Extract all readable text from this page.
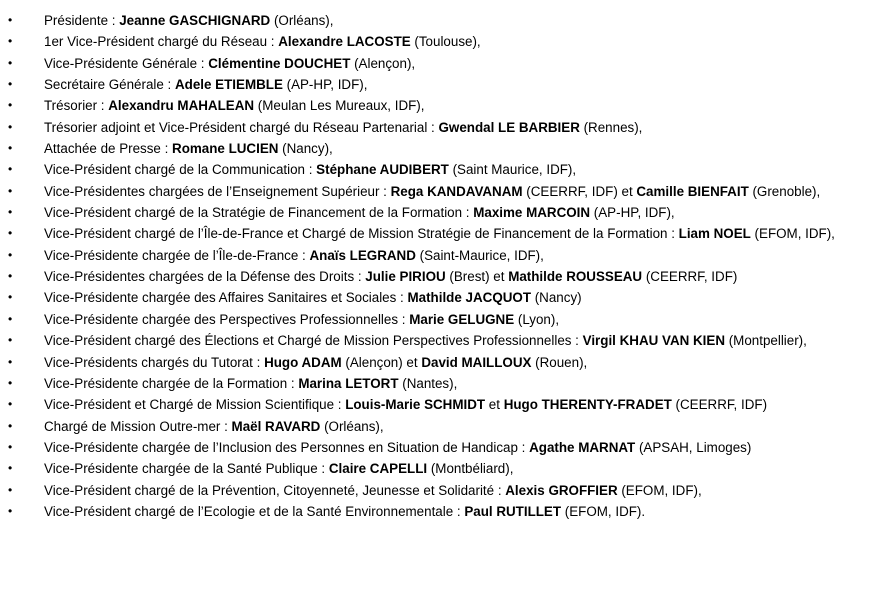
•	Présidente : Jeanne GASCHIGNARD (Orléans),
•	1er Vice-Président chargé du Réseau : Alexandre LACOSTE (Toulouse),
•	Vice-Présidente Générale : Clémentine DOUCHET (Alençon),
•	Secrétaire Générale : Adele ETIEMBLE (AP-HP, IDF),
•	Trésorier : Alexandru MAHALEAN (Meulan Les Mureaux, IDF),
•	Trésorier adjoint et Vice-Président chargé du Réseau Partenarial : Gwendal LE BARBIER (Rennes),
•	Attachée de Presse : Romane LUCIEN (Nancy),
•	Vice-Président chargé de la Communication : Stéphane AUDIBERT (Saint Maurice, IDF),
•	Vice-Présidentes chargées de l’Enseignement Supérieur : Rega KANDAVANAM (CEERRF, IDF) et Camille BIENFAIT (Grenoble),
•	Vice-Président chargé de la Stratégie de Financement de la Formation : Maxime MARCOIN (AP-HP, IDF),
•	Vice-Président chargé de l’Île-de-France et Chargé de Mission Stratégie de Financement de la Formation : Liam NOEL (EFOM, IDF),
•	Vice-Présidente chargée de l’Île-de-France : Anaïs LEGRAND (Saint-Maurice, IDF),
•	Vice-Présidentes chargées de la Défense des Droits : Julie PIRIOU (Brest) et Mathilde ROUSSEAU (CEERRF, IDF)
•	Vice-Présidente chargée des Affaires Sanitaires et Sociales : Mathilde JACQUOT (Nancy)
•	Vice-Présidente chargée des Perspectives Professionnelles : Marie GELUGNE (Lyon),
•	Vice-Président chargé des Élections et Chargé de Mission Perspectives Professionnelles : Virgil KHAU VAN KIEN (Montpellier),
•	Vice-Présidents chargés du Tutorat : Hugo ADAM (Alençon) et David MAILLOUX (Rouen),
•	Vice-Présidente chargée de la Formation : Marina LETORT (Nantes),
•	Vice-Président et Chargé de Mission Scientifique : Louis-Marie SCHMIDT et Hugo THERENTY-FRADET (CEERRF, IDF)
•	Chargé de Mission Outre-mer : Maël RAVARD (Orléans),
•	Vice-Présidente chargée de l’Inclusion des Personnes en Situation de Handicap : Agathe MARNAT (APSAH, Limoges)
•	Vice-Présidente chargée de la Santé Publique : Claire CAPELLI (Montbéliard),
•	Vice-Président chargé de la Prévention, Citoyenneté, Jeunesse et Solidarité : Alexis GROFFIER (EFOM, IDF),
•	Vice-Président chargé de l’Ecologie et de la Santé Environnementale : Paul RUTILLET (EFOM, IDF).
